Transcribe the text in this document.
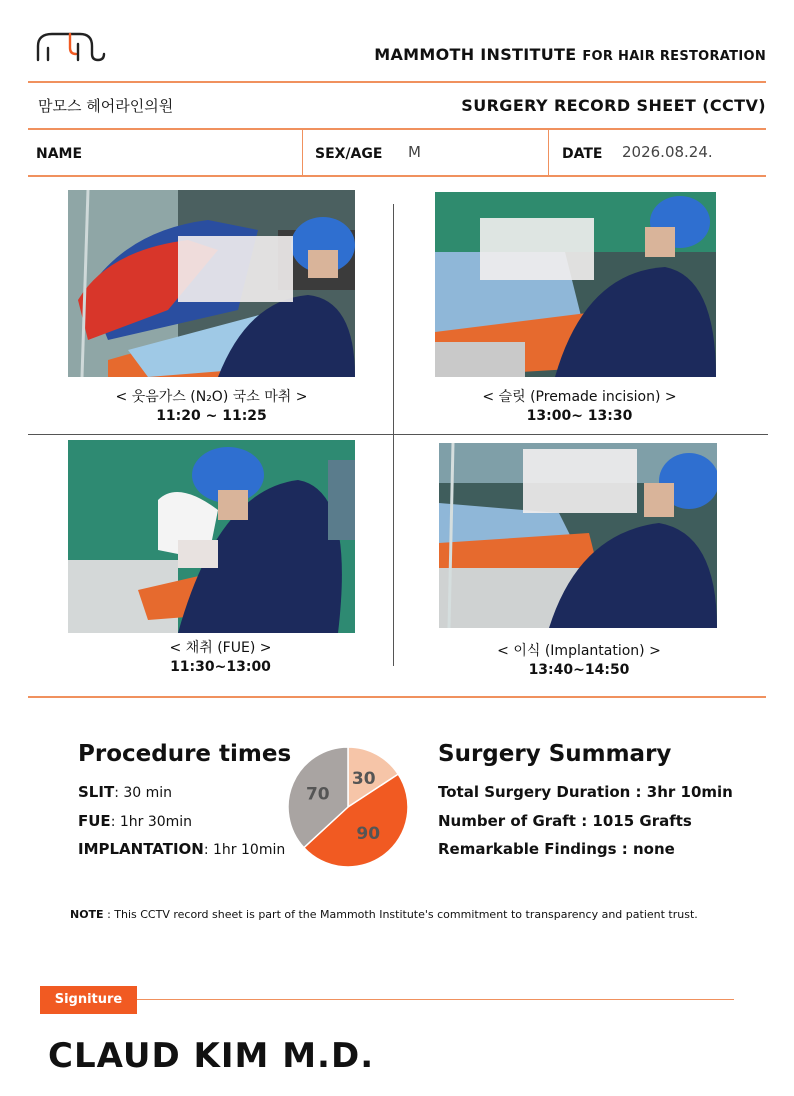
MAMMOTH INSTITUTE FOR HAIR RESTORATION
맘모스 헤어라인의원	SURGERY RECORD SHEET (CCTV)
NAME	SEX/AGE M	DATE 2026.08.24.
< 웃음가스 (N₂O) 국소 마취 >
11:20 ~ 11:25
< 슬릿 (Premade incision) >
13:00~ 13:30
< 채취 (FUE) >
11:30~13:00
< 이식 (Implantation) >
13:40~14:50
Procedure times
SLIT: 30 min
FUE: 1hr 30min
IMPLANTATION: 1hr 10min
30
90
70
Surgery Summary
Total Surgery Duration : 3hr 10min
Number of Graft : 1015 Grafts
Remarkable Findings : none
NOTE : This CCTV record sheet is part of the Mammoth Institute's commitment to transparency and patient trust.
Signiture
CLAUD KIM M.D.
